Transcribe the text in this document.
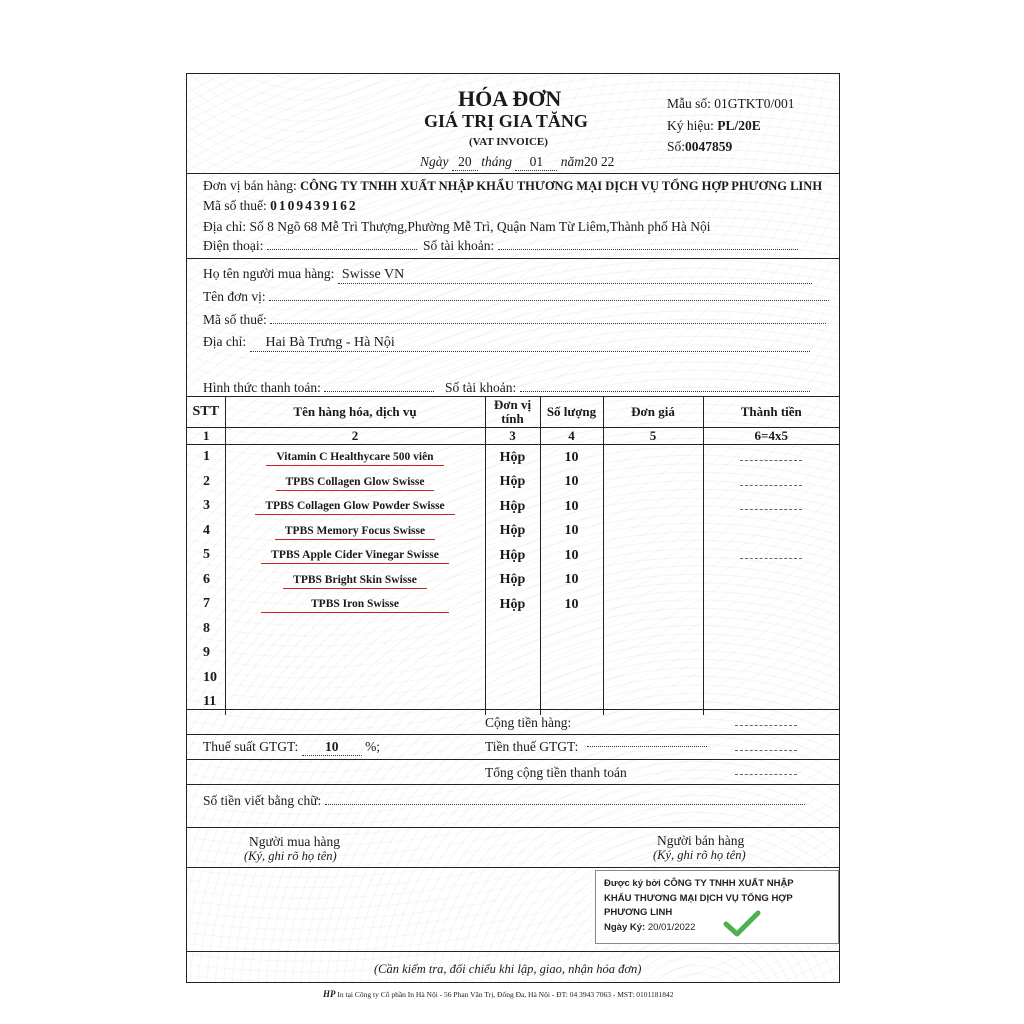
HÓA ĐƠN
GIÁ TRỊ GIA TĂNG
(VAT INVOICE)
Ngày 20 tháng 01 năm20 22
Mẫu số: 01GTKT0/001
Ký hiệu: PL/20E
Số:0047859
Đơn vị bán hàng: CÔNG TY TNHH XUẤT NHẬP KHẨU THƯƠNG MẠI DỊCH VỤ TỔNG HỢP PHƯƠNG LINH
Mã số thuế: 0109439162
Địa chỉ: Số 8 Ngõ 68 Mễ Trì Thượng,Phường Mễ Trì, Quận Nam Từ Liêm,Thành phố Hà Nội
Điện thoại:	Số tài khoản:
Họ tên người mua hàng: Swisse VN
Tên đơn vị:
Mã số thuế:
Địa chỉ: Hai Bà Trưng - Hà Nội
Hình thức thanh toán:	Số tài khoản:
STT	Tên hàng hóa, dịch vụ	Đơn vị tính	Số lượng	Đơn giá	Thành tiền
1	2	3	4	5	6=4x5
1	Vitamin C Healthycare 500 viên	Hộp	10		
2	TPBS Collagen Glow Swisse	Hộp	10		
3	TPBS Collagen Glow Powder Swisse	Hộp	10		
4	TPBS Memory Focus Swisse	Hộp	10		
5	TPBS Apple Cider Vinegar Swisse	Hộp	10		
6	TPBS Bright Skin Swisse	Hộp	10		
7	TPBS Iron Swisse	Hộp	10		
8					
9					
10					
11					
Cộng tiền hàng:
Thuế suất GTGT: 10 %;	Tiền thuế GTGT:
Tổng cộng tiền thanh toán
Số tiền viết bằng chữ:
Người mua hàng
(Ký, ghi rõ họ tên)
Người bán hàng
(Ký, ghi rõ họ tên)
Được ký bởi CÔNG TY TNHH XUẤT NHẬP KHẨU THƯƠNG MẠI DỊCH VỤ TỔNG HỢP PHƯƠNG LINH
Ngày Ký: 20/01/2022
(Cần kiểm tra, đối chiếu khi lập, giao, nhận hóa đơn)
HP In tại Công ty Cổ phần In Hà Nội - 56 Phan Văn Trị, Đống Đa, Hà Nội - ĐT: 04 3943 7063 - MST: 0101181842
